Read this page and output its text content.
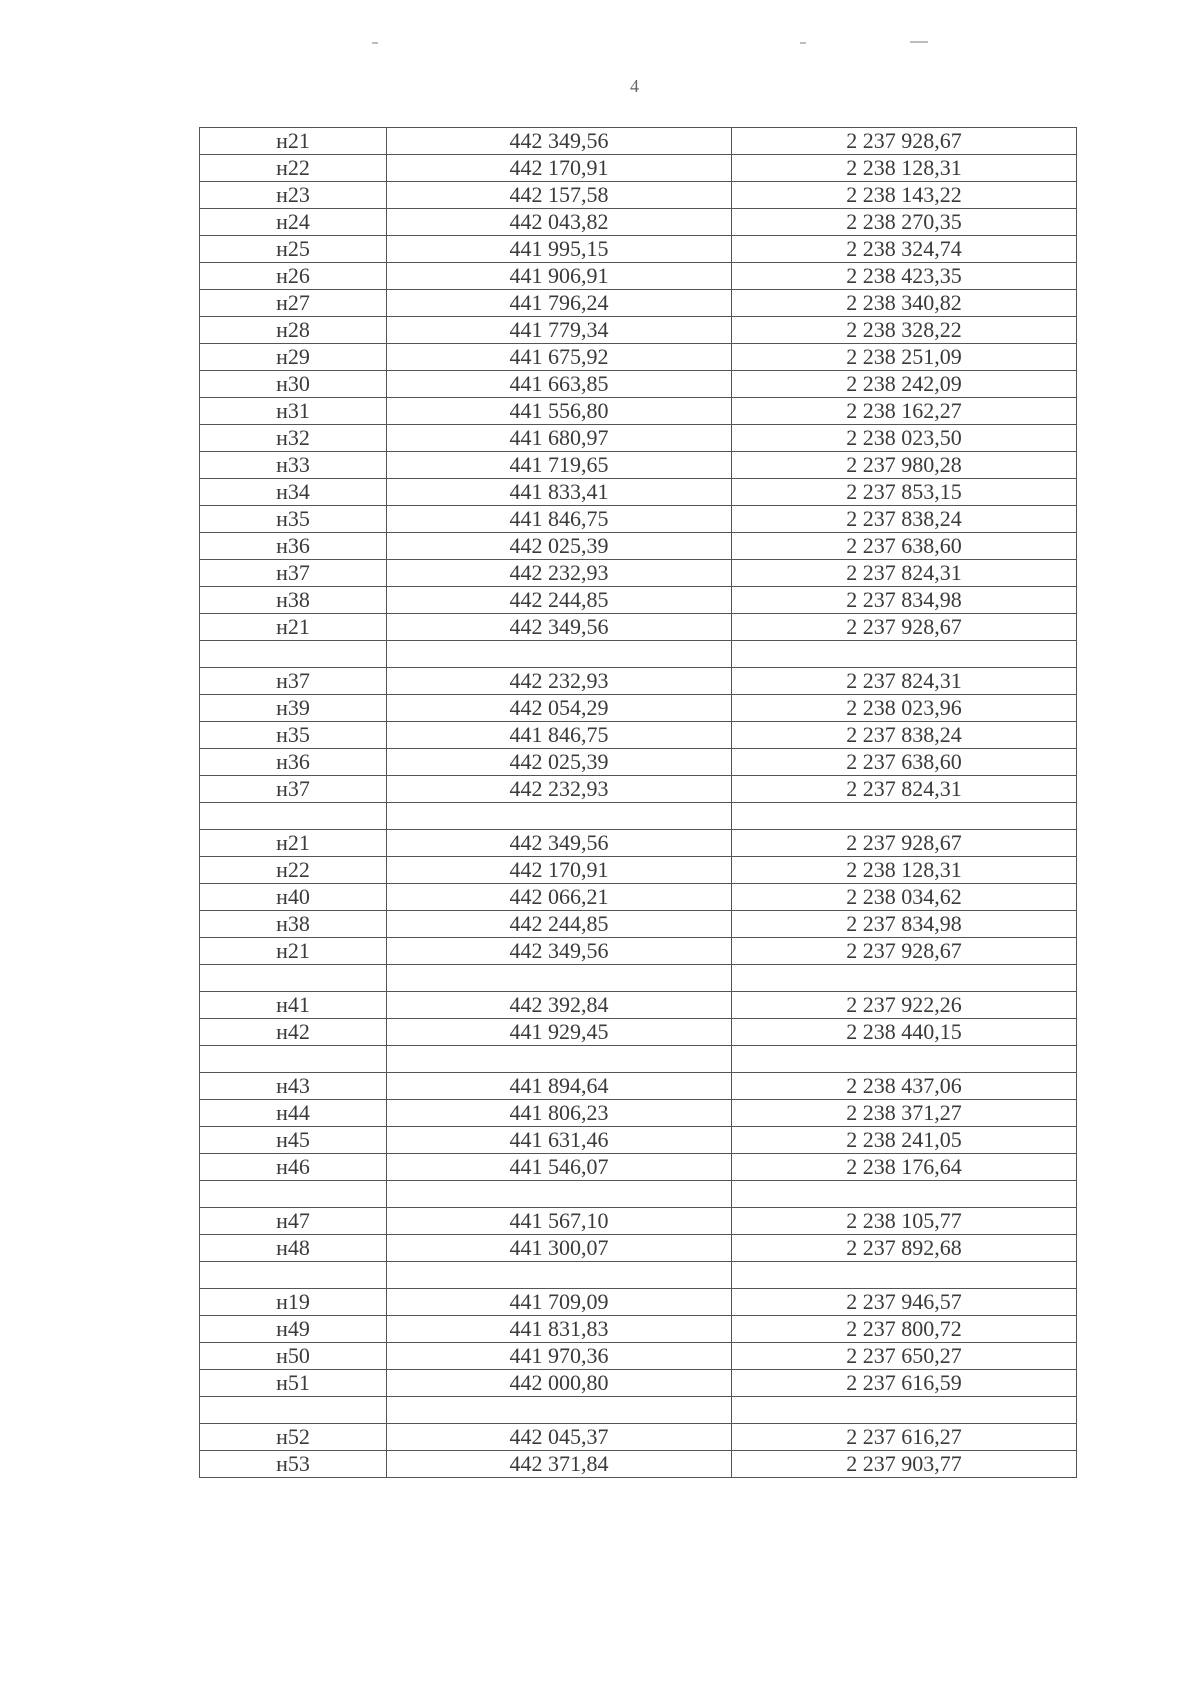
4
н21	442 349,56	2 237 928,67
н22	442 170,91	2 238 128,31
н23	442 157,58	2 238 143,22
н24	442 043,82	2 238 270,35
н25	441 995,15	2 238 324,74
н26	441 906,91	2 238 423,35
н27	441 796,24	2 238 340,82
н28	441 779,34	2 238 328,22
н29	441 675,92	2 238 251,09
н30	441 663,85	2 238 242,09
н31	441 556,80	2 238 162,27
н32	441 680,97	2 238 023,50
н33	441 719,65	2 237 980,28
н34	441 833,41	2 237 853,15
н35	441 846,75	2 237 838,24
н36	442 025,39	2 237 638,60
н37	442 232,93	2 237 824,31
н38	442 244,85	2 237 834,98
н21	442 349,56	2 237 928,67

н37	442 232,93	2 237 824,31
н39	442 054,29	2 238 023,96
н35	441 846,75	2 237 838,24
н36	442 025,39	2 237 638,60
н37	442 232,93	2 237 824,31

н21	442 349,56	2 237 928,67
н22	442 170,91	2 238 128,31
н40	442 066,21	2 238 034,62
н38	442 244,85	2 237 834,98
н21	442 349,56	2 237 928,67

н41	442 392,84	2 237 922,26
н42	441 929,45	2 238 440,15

н43	441 894,64	2 238 437,06
н44	441 806,23	2 238 371,27
н45	441 631,46	2 238 241,05
н46	441 546,07	2 238 176,64

н47	441 567,10	2 238 105,77
н48	441 300,07	2 237 892,68

н19	441 709,09	2 237 946,57
н49	441 831,83	2 237 800,72
н50	441 970,36	2 237 650,27
н51	442 000,80	2 237 616,59

н52	442 045,37	2 237 616,27
н53	442 371,84	2 237 903,77
